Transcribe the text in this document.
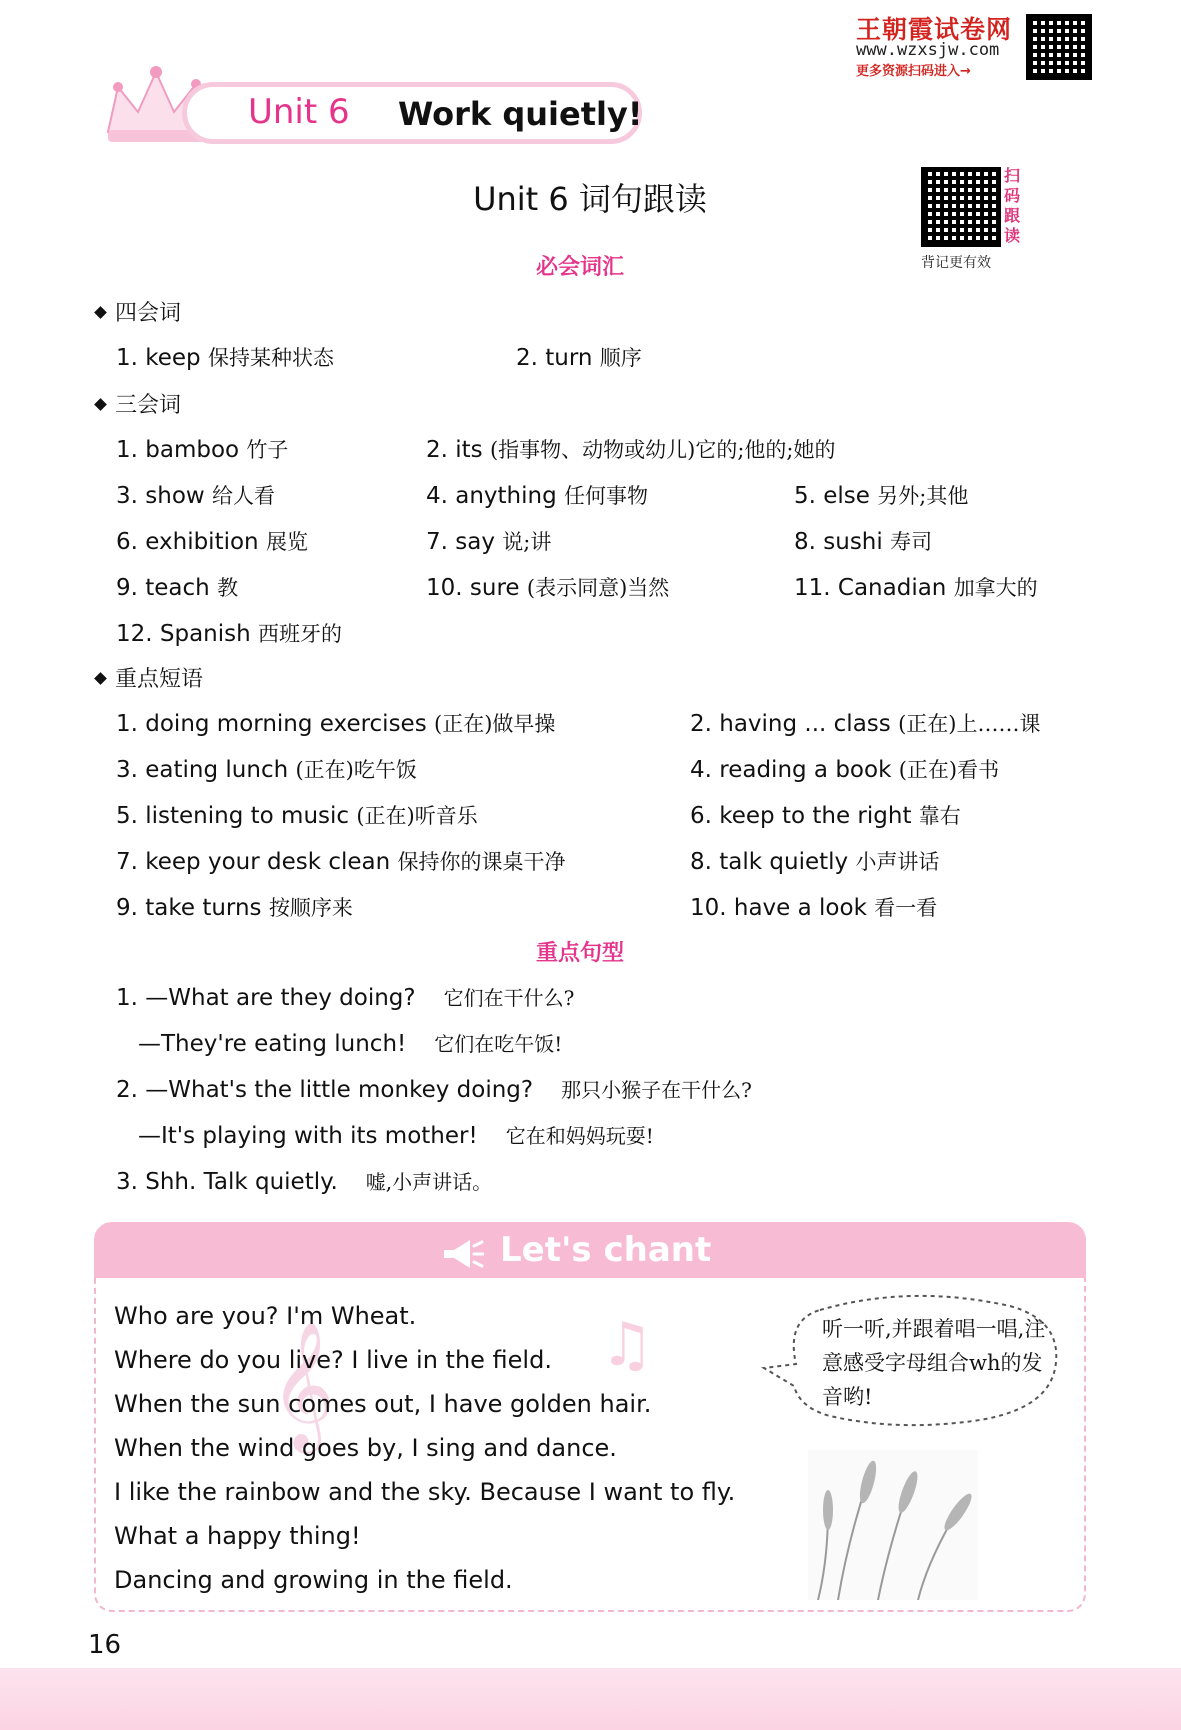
王朝霞试卷网
www.wzxsjw.com
更多资源扫码进入→
Unit 6 Work quietly!
Unit 6 词句跟读
扫
码
跟
读
背记更有效
必会词汇
四会词
1. keep 保持某种状态	2. turn 顺序
三会词
1. bamboo 竹子	2. its (指事物、动物或幼儿)它的;他的;她的
3. show 给人看	4. anything 任何事物	5. else 另外;其他
6. exhibition 展览	7. say 说;讲	8. sushi 寿司
9. teach 教	10. sure (表示同意)当然	11. Canadian 加拿大的
12. Spanish 西班牙的
重点短语
1. doing morning exercises (正在)做早操	2. having ... class (正在)上……课
3. eating lunch (正在)吃午饭	4. reading a book (正在)看书
5. listening to music (正在)听音乐	6. keep to the right 靠右
7. keep your desk clean 保持你的课桌干净	8. talk quietly 小声讲话
9. take turns 按顺序来	10. have a look 看一看
重点句型
1. —What are they doing? 它们在干什么?
—They're eating lunch! 它们在吃午饭!
2. —What's the little monkey doing? 那只小猴子在干什么?
—It's playing with its mother! 它在和妈妈玩耍!
3. Shh. Talk quietly. 嘘,小声讲话。
Let's chant
𝄞	♫
Who are you? I'm Wheat.
Where do you live? I live in the field.
When the sun comes out, I have golden hair.
When the wind goes by, I sing and dance.
I like the rainbow and the sky. Because I want to fly.
What a happy thing!
Dancing and growing in the field.
听一听,并跟着唱一唱,注意感受字母组合wh的发音哟!
16
